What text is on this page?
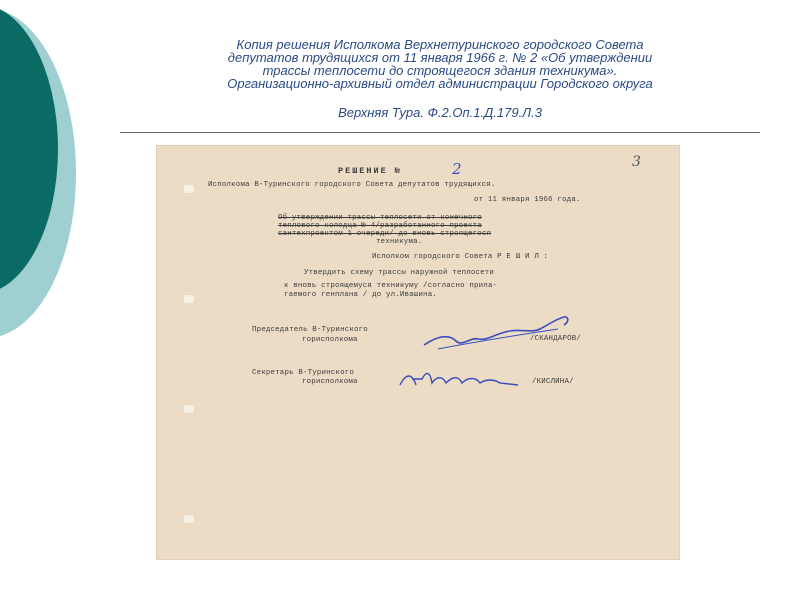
Копия решения Исполкома Верхнетуринского городского Совета
депутатов трудящихся от 11 января 1966 г. № 2 «Об утверждении
трассы теплосети до строящегося здания техникума».
Организационно-архивный отдел администрации Городского округа
Верхняя Тура. Ф.2.Оп.1.Д.179.Л.3
3
РЕШЕНИЕ №	2
Исполкома В-Туринского городского Совета депутатов трудящихся.
от 11 января 1966 года.
Об утверждении трассы теплосети от конечного
теплового колодца № 4/разработанного проекта
сантехпроектом 1 очереди/ до вновь строящегося
техникума.
Исполком городского Совета Р Е Ш И Л :
Утвердить схему трассы наружной теплосети
к вновь строящемуся техникуму /согласно прила-
гаемого генплана / до ул.Ивашина.
Председатель В-Туринского
горисполкома	/СКАНДАРОВ/
Секретарь В-Туринского
горисполкома	/КИСЛИНА/
